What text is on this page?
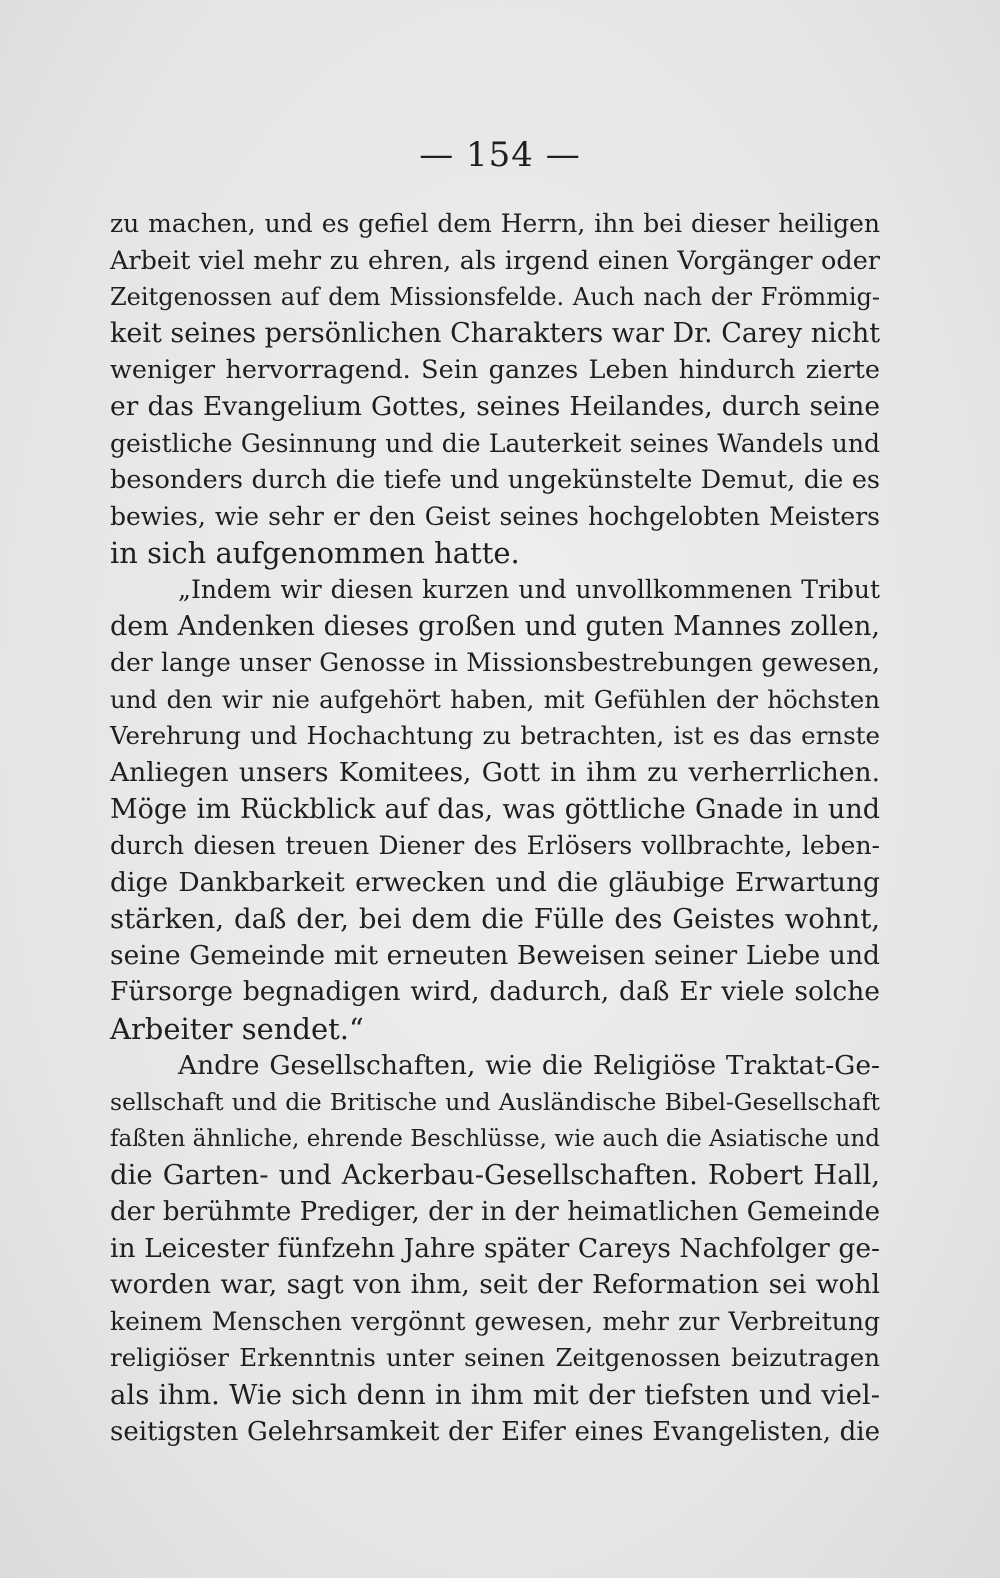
— 154 —
zu machen, und es gefiel dem Herrn, ihn bei dieser heiligen
Arbeit viel mehr zu ehren, als irgend einen Vorgänger oder
Zeitgenossen auf dem Missionsfelde. Auch nach der Frömmig-
keit seines persönlichen Charakters war Dr. Carey nicht
weniger hervorragend. Sein ganzes Leben hindurch zierte
er das Evangelium Gottes, seines Heilandes, durch seine
geistliche Gesinnung und die Lauterkeit seines Wandels und
besonders durch die tiefe und ungekünstelte Demut, die es
bewies, wie sehr er den Geist seines hochgelobten Meisters
in sich aufgenommen hatte.
„Indem wir diesen kurzen und unvollkommenen Tribut
dem Andenken dieses großen und guten Mannes zollen,
der lange unser Genosse in Missionsbestrebungen gewesen,
und den wir nie aufgehört haben, mit Gefühlen der höchsten
Verehrung und Hochachtung zu betrachten, ist es das ernste
Anliegen unsers Komitees, Gott in ihm zu verherrlichen.
Möge im Rückblick auf das, was göttliche Gnade in und
durch diesen treuen Diener des Erlösers vollbrachte, leben-
dige Dankbarkeit erwecken und die gläubige Erwartung
stärken, daß der, bei dem die Fülle des Geistes wohnt,
seine Gemeinde mit erneuten Beweisen seiner Liebe und
Fürsorge begnadigen wird, dadurch, daß Er viele solche
Arbeiter sendet.“
Andre Gesellschaften, wie die Religiöse Traktat-Ge-
sellschaft und die Britische und Ausländische Bibel-Gesellschaft
faßten ähnliche, ehrende Beschlüsse, wie auch die Asiatische und
die Garten- und Ackerbau-Gesellschaften. Robert Hall,
der berühmte Prediger, der in der heimatlichen Gemeinde
in Leicester fünfzehn Jahre später Careys Nachfolger ge-
worden war, sagt von ihm, seit der Reformation sei wohl
keinem Menschen vergönnt gewesen, mehr zur Verbreitung
religiöser Erkenntnis unter seinen Zeitgenossen beizutragen
als ihm. Wie sich denn in ihm mit der tiefsten und viel-
seitigsten Gelehrsamkeit der Eifer eines Evangelisten, die
